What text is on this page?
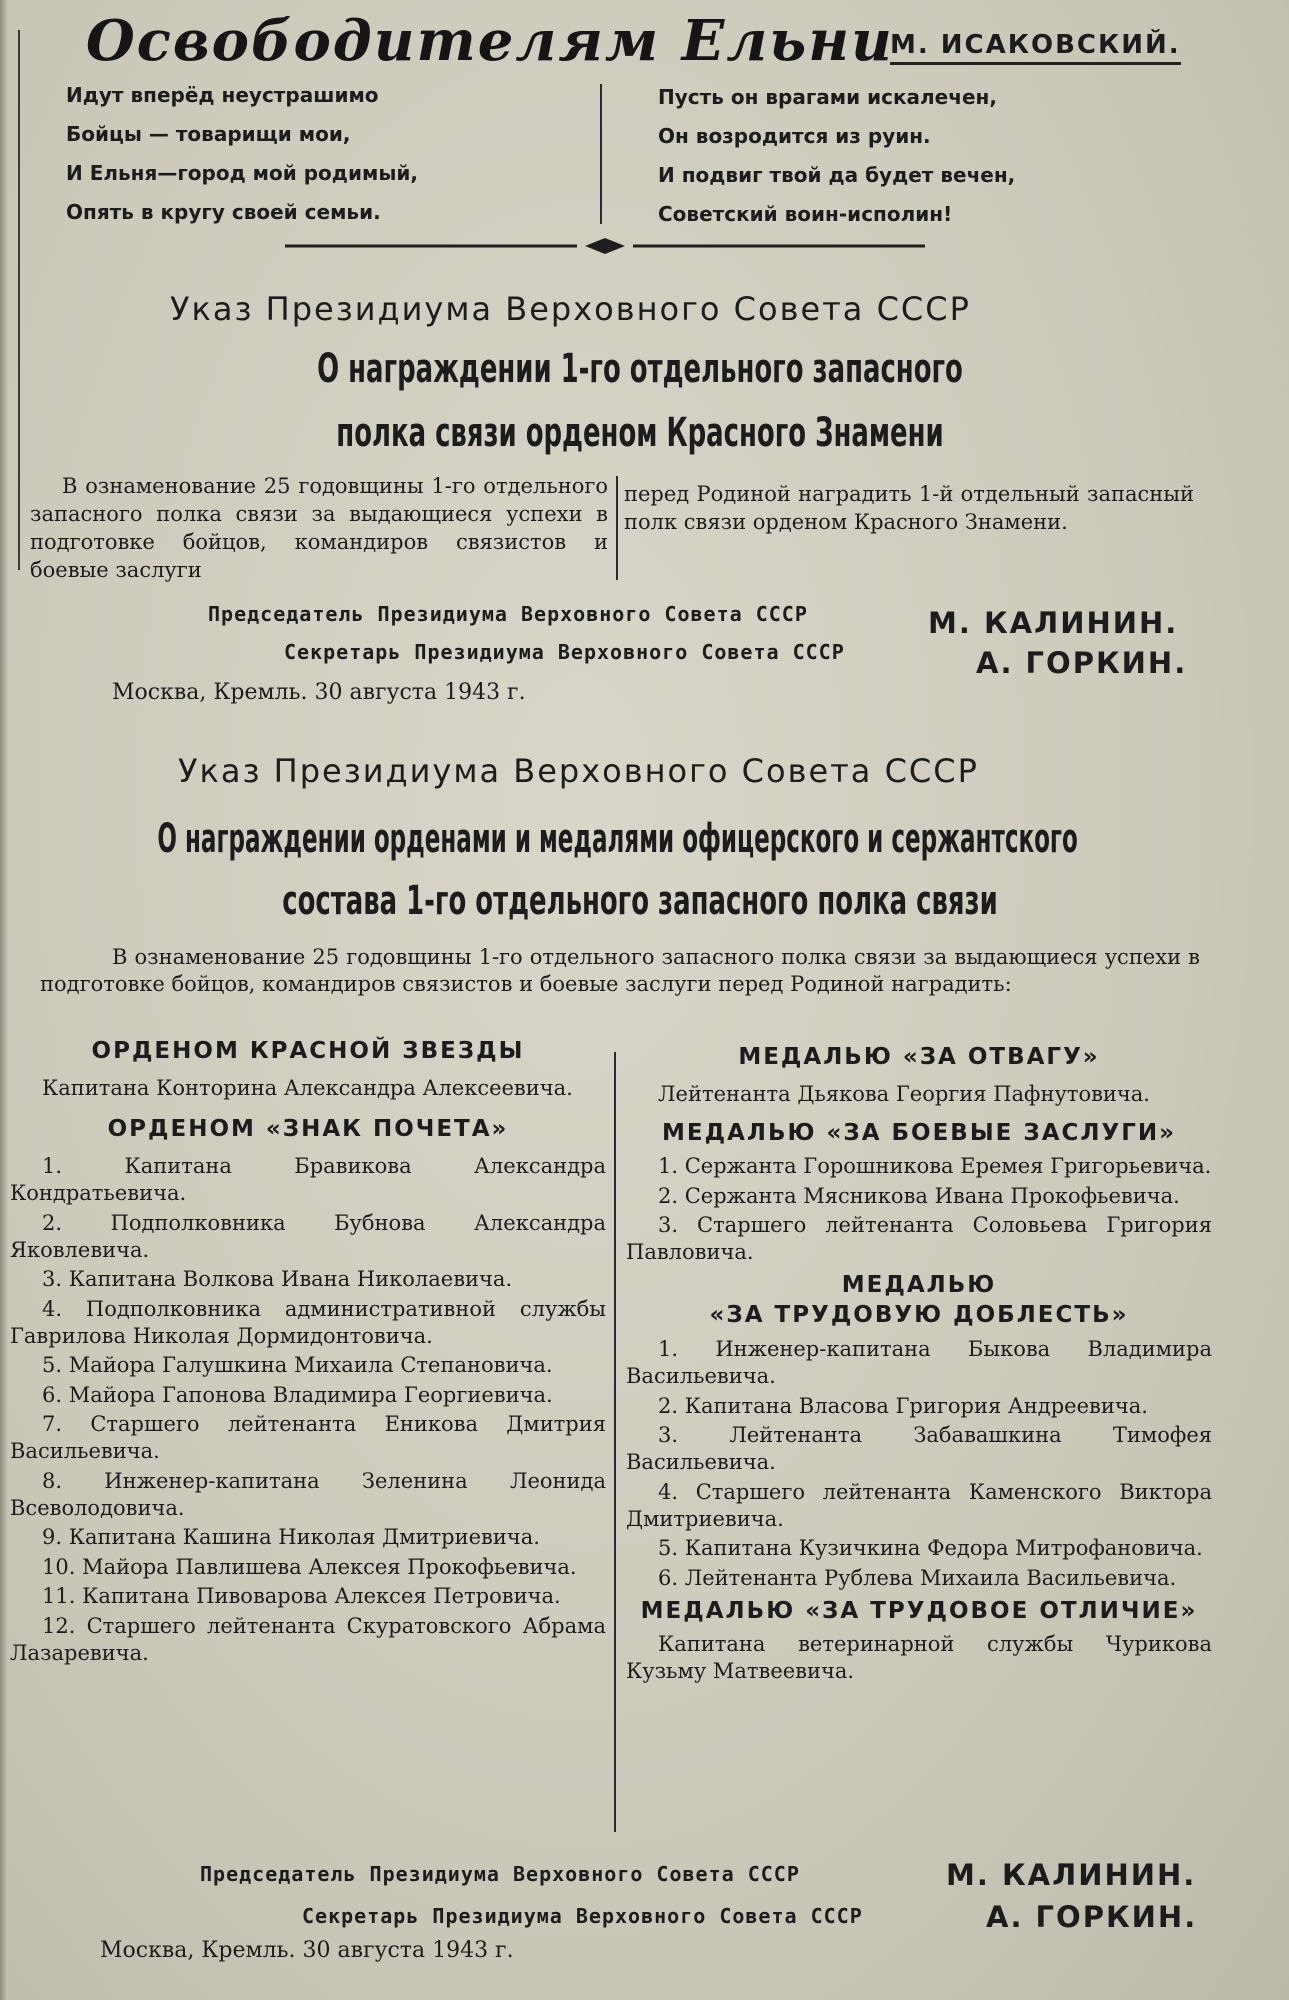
Освободителям Ельни
М. ИСАКОВСКИЙ.
Идут вперёд неустрашимо
Бойцы — товарищи мои,
И Ельня—город мой родимый,
Опять в кругу своей семьи.
Пусть он врагами искалечен,
Он возродится из руин.
И подвиг твой да будет вечен,
Советский воин-исполин!
Указ Президиума Верховного Совета СССР
О награждении 1-го отдельного запасного
полка связи орденом Красного Знамени
В ознаменование 25 годовщины 1-го отдельного запасного полка связи за выдающиеся успехи в подготовке бойцов, командиров связистов и боевые заслуги
перед Родиной наградить 1-й отдельный запасный полк связи орденом Красного Знамени.
Председатель Президиума Верховного Совета СССР	М. КАЛИНИН.
Секретарь Президиума Верховного Совета СССР	А. ГОРКИН.
Москва, Кремль. 30 августа 1943 г.
Указ Президиума Верховного Совета СССР
О награждении орденами и медалями офицерского и сержантского
состава 1-го отдельного запасного полка связи
В ознаменование 25 годовщины 1-го отдельного запасного полка связи за выдающиеся успехи в подготовке бойцов, командиров связистов и боевые заслуги перед Родиной наградить:
ОРДЕНОМ КРАСНОЙ ЗВЕЗДЫ
Капитана Конторина Александра Алексеевича.
ОРДЕНОМ «ЗНАК ПОЧЕТА»
1. Капитана Бравикова Александра Кондратьевича.
2. Подполковника Бубнова Александра Яковлевича.
3. Капитана Волкова Ивана Николаевича.
4. Подполковника административной службы Гаврилова Николая Дормидонтовича.
5. Майора Галушкина Михаила Степановича.
6. Майора Гапонова Владимира Георгиевича.
7. Старшего лейтенанта Еникова Дмитрия Васильевича.
8. Инженер-капитана Зеленина Леонида Всеволодовича.
9. Капитана Кашина Николая Дмитриевича.
10. Майора Павлишева Алексея Прокофьевича.
11. Капитана Пивоварова Алексея Петровича.
12. Старшего лейтенанта Скуратовского Абрама Лазаревича.
МЕДАЛЬЮ «ЗА ОТВАГУ»
Лейтенанта Дьякова Георгия Пафнутовича.
МЕДАЛЬЮ «ЗА БОЕВЫЕ ЗАСЛУГИ»
1. Сержанта Горошникова Еремея Григорьевича.
2. Сержанта Мясникова Ивана Прокофьевича.
3. Старшего лейтенанта Соловьева Григория Павловича.
МЕДАЛЬЮ
«ЗА ТРУДОВУЮ ДОБЛЕСТЬ»
1. Инженер-капитана Быкова Владимира Васильевича.
2. Капитана Власова Григория Андреевича.
3. Лейтенанта Забавашкина Тимофея Васильевича.
4. Старшего лейтенанта Каменского Виктора Дмитриевича.
5. Капитана Кузичкина Федора Митрофановича.
6. Лейтенанта Рублева Михаила Васильевича.
МЕДАЛЬЮ «ЗА ТРУДОВОЕ ОТЛИЧИЕ»
Капитана ветеринарной службы Чурикова Кузьму Матвеевича.
Председатель Президиума Верховного Совета СССР	М. КАЛИНИН.
Секретарь Президиума Верховного Совета СССР	А. ГОРКИН.
Москва, Кремль. 30 августа 1943 г.
